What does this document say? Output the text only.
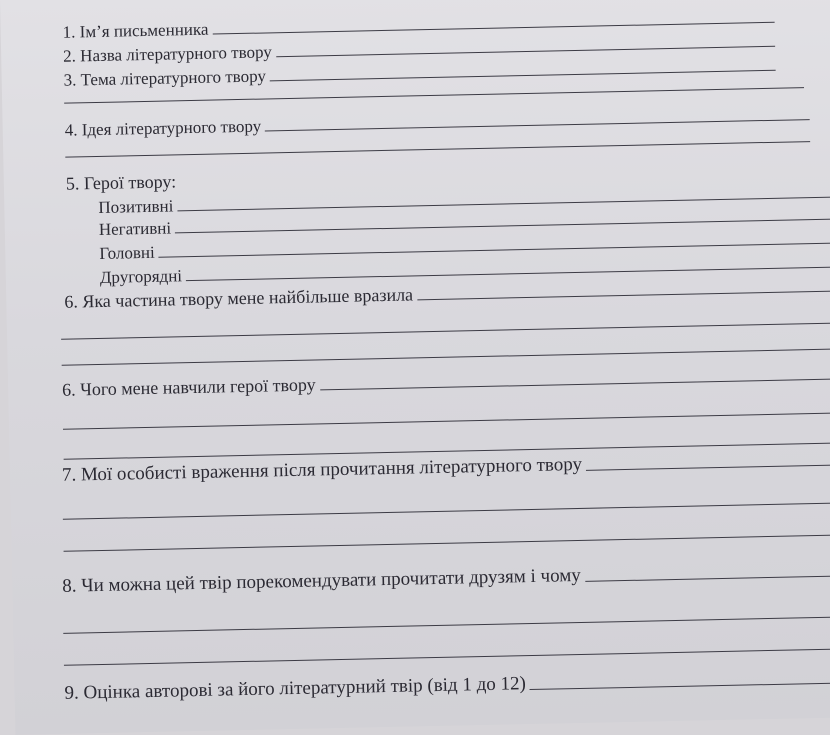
1. Ім’я письменника
2. Назва літературного твору
3. Тема літературного твору
4. Ідея літературного твору
5. Герої твору:
Позитивні
Негативні
Головні
Другорядні
6. Яка частина твору мене найбільше вразила
6. Чого мене навчили герої твору
7. Мої особисті враження після прочитання літературного твору
8. Чи можна цей твір порекомендувати прочитати друзям і чому
9. Оцінка авторові за його літературний твір (від 1 до 12)
